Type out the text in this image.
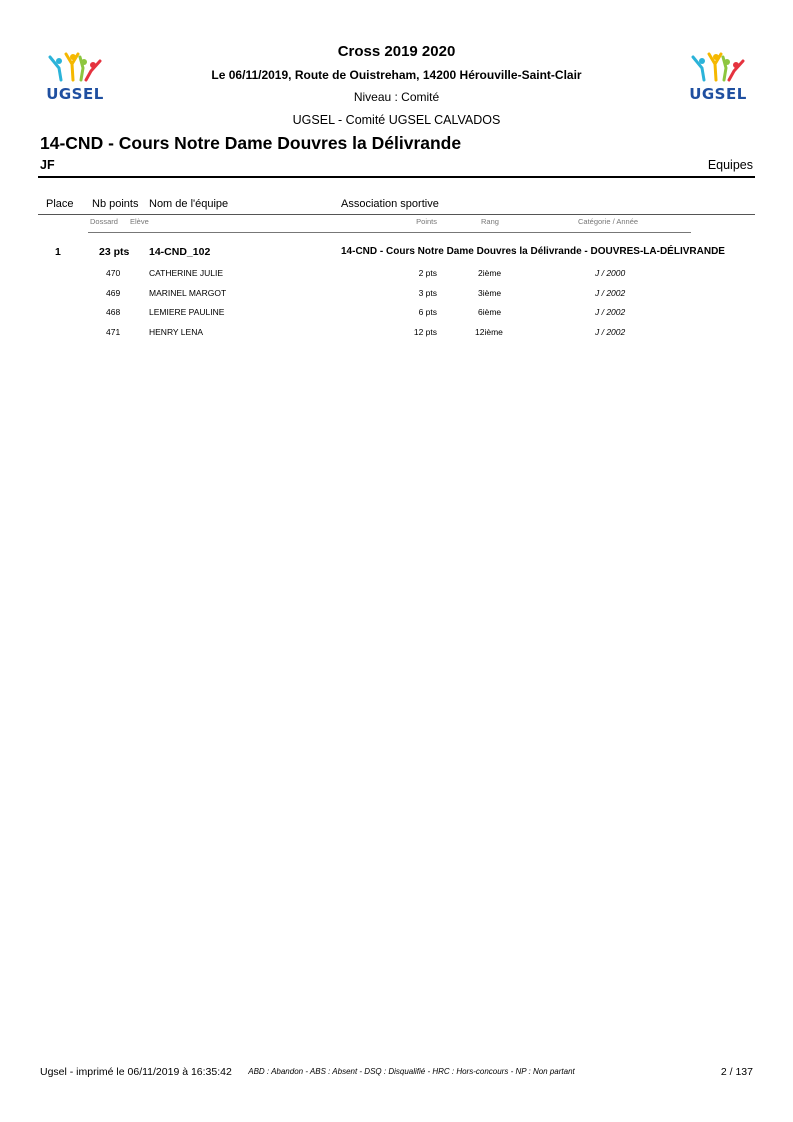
UGSEL	UGSEL
Cross 2019 2020
Le 06/11/2019, Route de Ouistreham, 14200 Hérouville-Saint-Clair
Niveau : Comité
UGSEL - Comité UGSEL CALVADOS
14-CND - Cours Notre Dame Douvres la Délivrande
JF	Equipes
Place Nb points Nom de l'équipe	Association sportive
Dossard Elève	Points	Rang	Catégorie / Année
1	23 pts 14-CND_102	14-CND - Cours Notre Dame Douvres la Délivrande - DOUVRES-LA-DÉLIVRANDE
470	CATHERINE JULIE	2 pts	2ième	J / 2000
469	MARINEL MARGOT	3 pts	3ième	J / 2002
468	LEMIERE PAULINE	6 pts	6ième	J / 2002
471	HENRY LENA	12 pts	12ième	J / 2002
Ugsel - imprimé le 06/11/2019 à 16:35:42	ABD : Abandon - ABS : Absent - DSQ : Disqualifié - HRC : Hors-concours - NP : Non partant	2 / 137
